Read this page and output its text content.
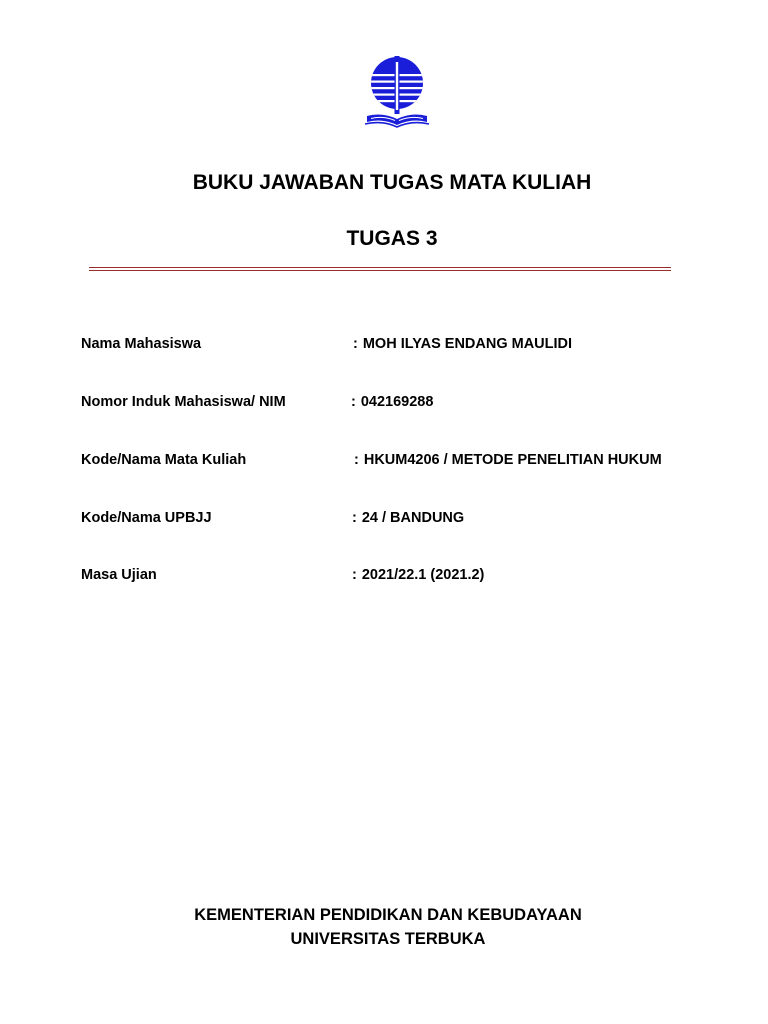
BUKU JAWABAN TUGAS MATA KULIAH
TUGAS 3
Nama Mahasiswa	: MOH ILYAS ENDANG MAULIDI
Nomor Induk Mahasiswa/ NIM	: 042169288
Kode/Nama Mata Kuliah	: HKUM4206 / METODE PENELITIAN HUKUM
Kode/Nama UPBJJ	: 24 / BANDUNG
Masa Ujian	: 2021/22.1 (2021.2)
KEMENTERIAN PENDIDIKAN DAN KEBUDAYAAN
UNIVERSITAS TERBUKA
